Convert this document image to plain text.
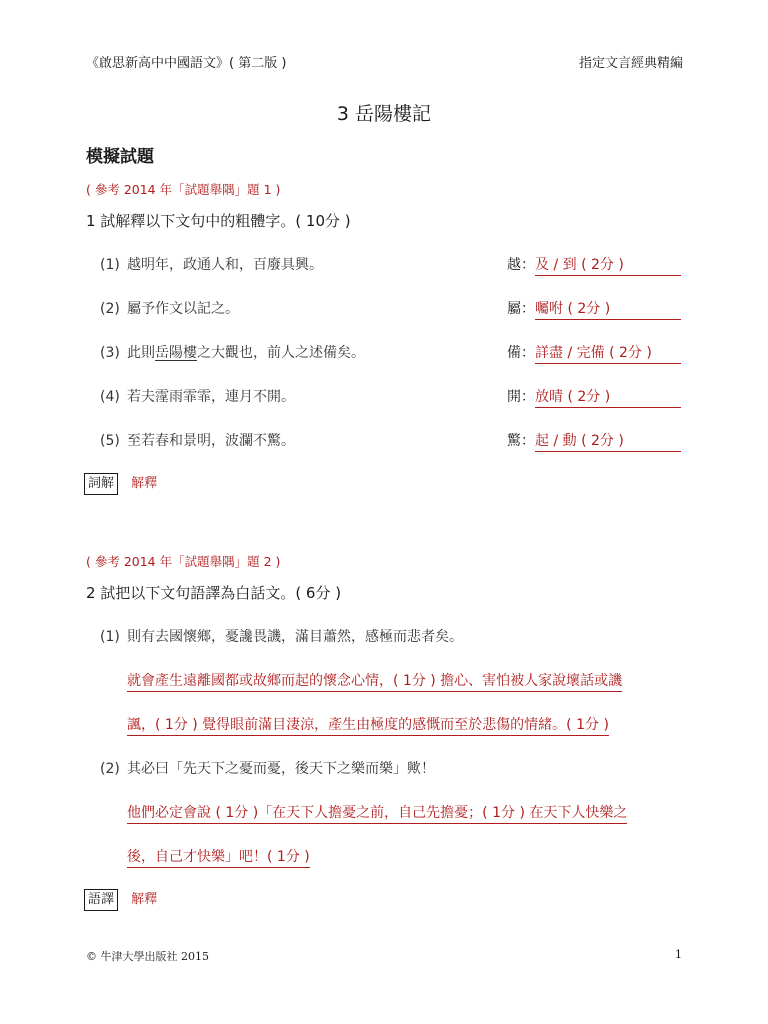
《啟思新高中中國語文》( 第二版 )	指定文言經典精編
3 岳陽樓記
模擬試題
( 參考 2014 年「試題舉隅」題 1 )
1 試解釋以下文句中的粗體字。( 10分 )
(1) 越明年，政通人和，百廢具興。	越：及 / 到 ( 2分 )
(2) 屬予作文以記之。	屬：囑咐 ( 2分 )
(3) 此則岳陽樓之大觀也，前人之述備矣。	備：詳盡 / 完備 ( 2分 )
(4) 若夫霪雨霏霏，連月不開。	開：放晴 ( 2分 )
(5) 至若春和景明，波瀾不驚。	驚：起 / 動 ( 2分 )
詞解 解釋
( 參考 2014 年「試題舉隅」題 2 )
2 試把以下文句語譯為白話文。( 6分 )
(1) 則有去國懷鄉，憂讒畏譏，滿目蕭然，感極而悲者矣。
就會產生遠離國都或故鄉而起的懷念心情，( 1分 ) 擔心、害怕被人家說壞話或譏
諷，( 1分 ) 覺得眼前滿目淒涼，產生由極度的感慨而至於悲傷的情緒。( 1分 )
(2) 其必曰「先天下之憂而憂，後天下之樂而樂」歟！
他們必定會說 ( 1分 )「在天下人擔憂之前，自己先擔憂；( 1分 ) 在天下人快樂之
後，自己才快樂」吧！( 1分 )
語譯 解釋
© 牛津大學出版社 2015	1
